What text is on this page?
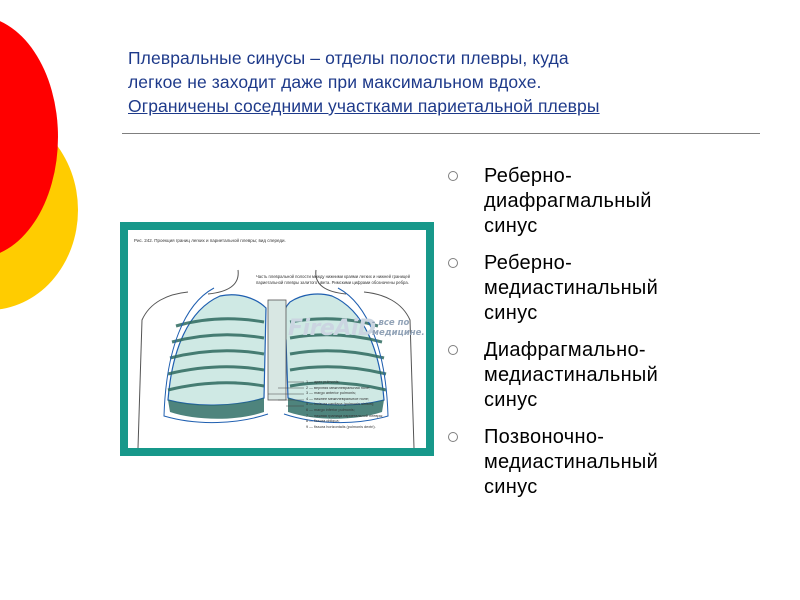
Плевральные синусы – отделы полости плевры, куда
легкое не заходит даже при максимальном вдохе.
Ограничены соседними участками париетальной плевры
Рис. 242. Проекция границ легких и париетальной плевры; вид спереди.
Часть плевральной полости между нижними краями легких и нижней границей париетальной плевры залитого цвета. Римскими цифрами обозначены ребра.
FireAiD
- все по медицине.
1 — apex pulmonis;
2 — верхняя межплевральная поле;
3 — margo anterior pulmonis;
4 — нижнее межплевральное поле;
5 — incisura cardiaca (pulmonis sinistri);
6 — margo inferior pulmonis;
7 — нижняя граница париетальной плевры;
8 — fissura obliqua;
9 — fissura horizontalis (pulmonis dextri).
Реберно-
диафрагмальный
синус
Реберно-
медиастинальный
синус
Диафрагмально-
медиастинальный
синус
Позвоночно-
медиастинальный
синус
